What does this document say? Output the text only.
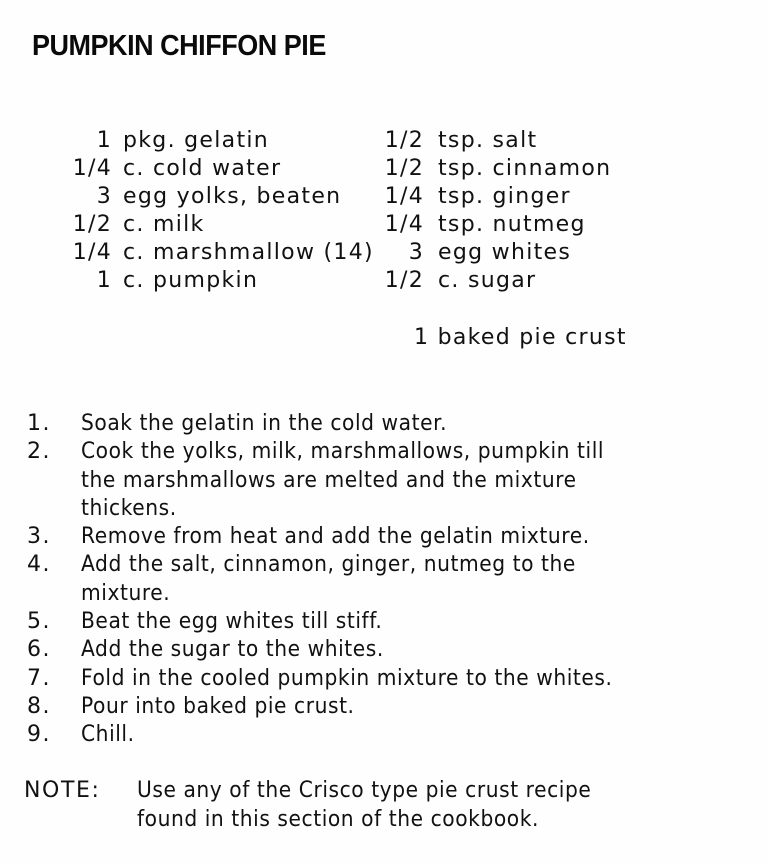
PUMPKIN CHIFFON PIE
1 pkg. gelatin
1/4 c. cold water
3 egg yolks, beaten
1/2 c. milk
1/4 c. marshmallow (14)
1 c. pumpkin
1/2 tsp. salt
1/2 tsp. cinnamon
1/4 tsp. ginger
1/4 tsp. nutmeg
3 egg whites
1/2 c. sugar
1 baked pie crust
1. Soak the gelatin in the cold water.
2. Cook the yolks, milk, marshmallows, pumpkin till
the marshmallows are melted and the mixture
thickens.
3. Remove from heat and add the gelatin mixture.
4. Add the salt, cinnamon, ginger, nutmeg to the
mixture.
5. Beat the egg whites till stiff.
6. Add the sugar to the whites.
7. Fold in the cooled pumpkin mixture to the whites.
8. Pour into baked pie crust.
9. Chill.
NOTE: Use any of the Crisco type pie crust recipe
found in this section of the cookbook.
